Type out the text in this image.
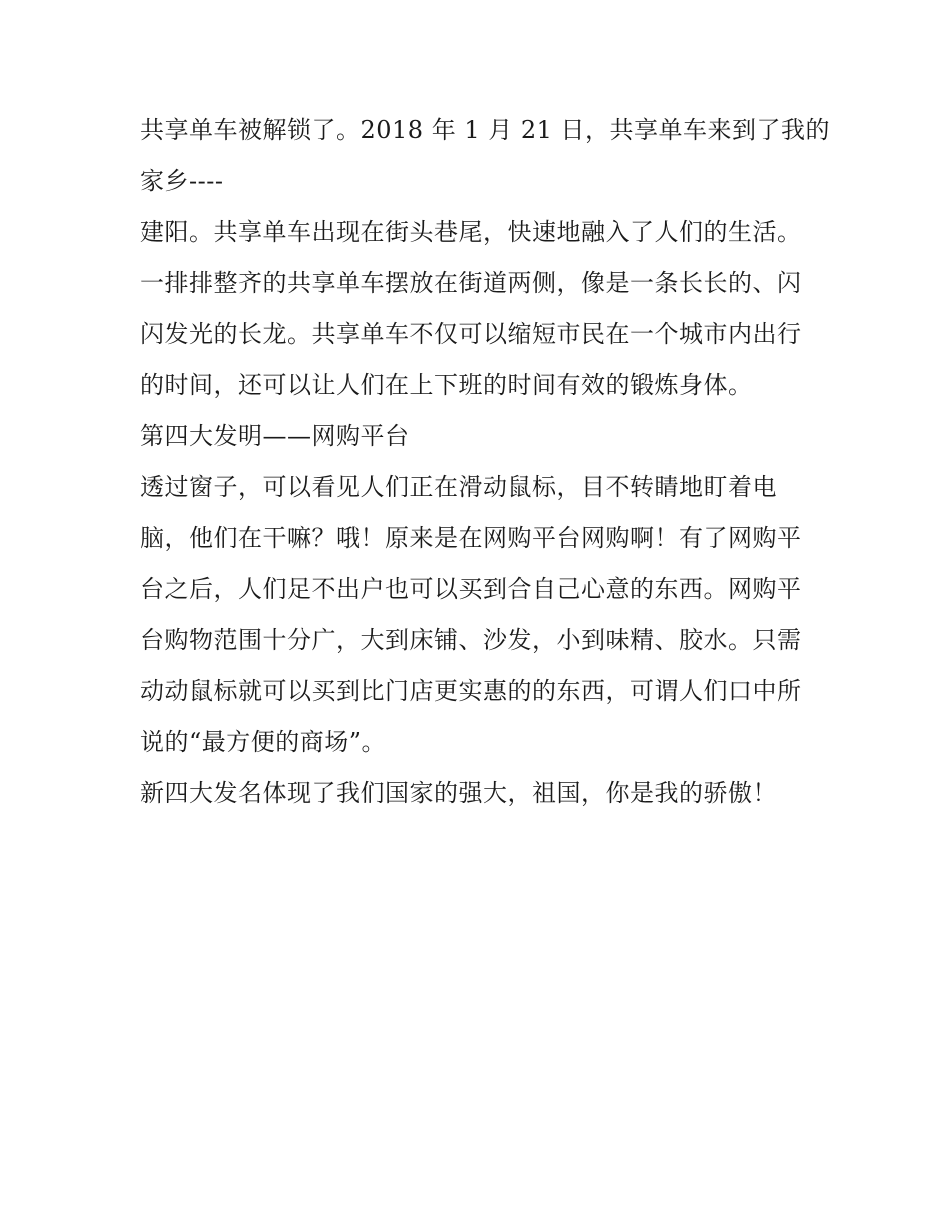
共享单车被解锁了。2018 年 1 月 21 日，共享单车来到了我的
家乡----
建阳。共享单车出现在街头巷尾，快速地融入了人们的生活。
一排排整齐的共享单车摆放在街道两侧，像是一条长长的、闪
闪发光的长龙。共享单车不仅可以缩短市民在一个城市内出行
的时间，还可以让人们在上下班的时间有效的锻炼身体。
第四大发明——网购平台
透过窗子，可以看见人们正在滑动鼠标，目不转睛地盯着电
脑，他们在干嘛？哦！原来是在网购平台网购啊！有了网购平
台之后，人们足不出户也可以买到合自己心意的东西。网购平
台购物范围十分广，大到床铺、沙发，小到味精、胶水。只需
动动鼠标就可以买到比门店更实惠的的东西，可谓人们口中所
说的“最方便的商场”。
新四大发名体现了我们国家的强大，祖国，你是我的骄傲！
